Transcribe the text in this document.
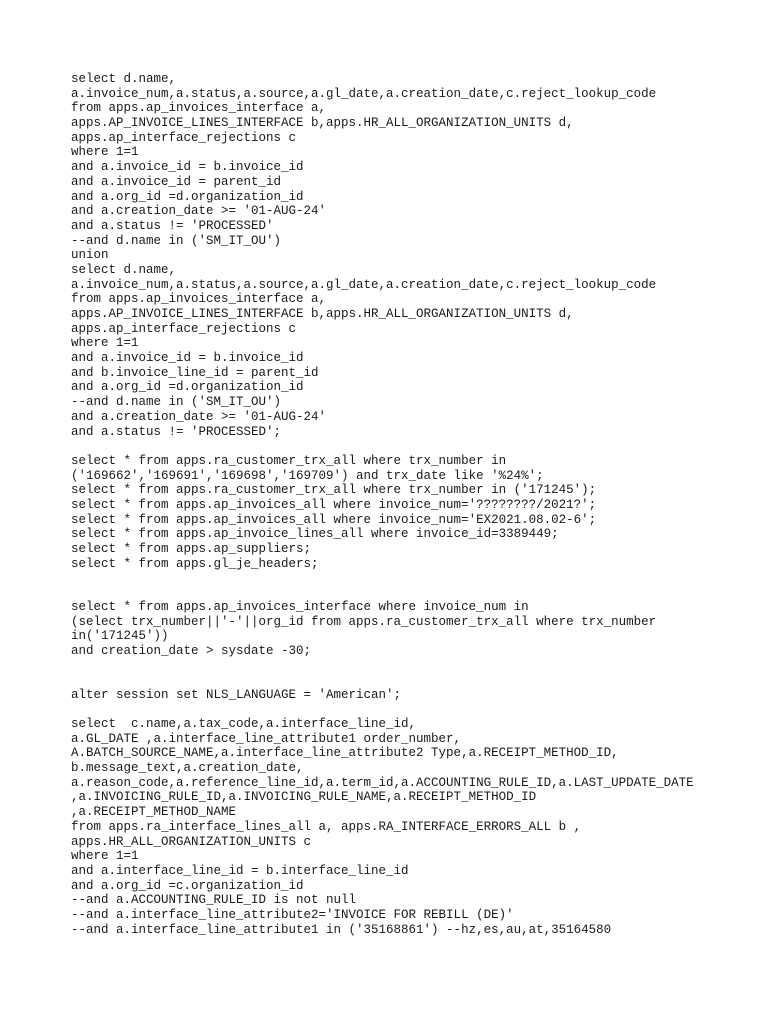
select d.name,
a.invoice_num,a.status,a.source,a.gl_date,a.creation_date,c.reject_lookup_code
from apps.ap_invoices_interface a,
apps.AP_INVOICE_LINES_INTERFACE b,apps.HR_ALL_ORGANIZATION_UNITS d,
apps.ap_interface_rejections c
where 1=1
and a.invoice_id = b.invoice_id
and a.invoice_id = parent_id
and a.org_id =d.organization_id
and a.creation_date >= '01-AUG-24'
and a.status != 'PROCESSED'
--and d.name in ('SM_IT_OU')
union
select d.name,
a.invoice_num,a.status,a.source,a.gl_date,a.creation_date,c.reject_lookup_code
from apps.ap_invoices_interface a,
apps.AP_INVOICE_LINES_INTERFACE b,apps.HR_ALL_ORGANIZATION_UNITS d,
apps.ap_interface_rejections c
where 1=1
and a.invoice_id = b.invoice_id
and b.invoice_line_id = parent_id
and a.org_id =d.organization_id
--and d.name in ('SM_IT_OU')
and a.creation_date >= '01-AUG-24'
and a.status != 'PROCESSED';
select * from apps.ra_customer_trx_all where trx_number in
('169662','169691','169698','169709') and trx_date like '%24%';
select * from apps.ra_customer_trx_all where trx_number in ('171245');
select * from apps.ap_invoices_all where invoice_num='????????/2021?';
select * from apps.ap_invoices_all where invoice_num='EX2021.08.02-6';
select * from apps.ap_invoice_lines_all where invoice_id=3389449;
select * from apps.ap_suppliers;
select * from apps.gl_je_headers;
select * from apps.ap_invoices_interface where invoice_num in
(select trx_number||'-'||org_id from apps.ra_customer_trx_all where trx_number
in('171245'))
and creation_date > sysdate -30;
alter session set NLS_LANGUAGE = 'American';
select  c.name,a.tax_code,a.interface_line_id,
a.GL_DATE ,a.interface_line_attribute1 order_number,
A.BATCH_SOURCE_NAME,a.interface_line_attribute2 Type,a.RECEIPT_METHOD_ID,
b.message_text,a.creation_date,
a.reason_code,a.reference_line_id,a.term_id,a.ACCOUNTING_RULE_ID,a.LAST_UPDATE_DATE
,a.INVOICING_RULE_ID,a.INVOICING_RULE_NAME,a.RECEIPT_METHOD_ID
,a.RECEIPT_METHOD_NAME
from apps.ra_interface_lines_all a, apps.RA_INTERFACE_ERRORS_ALL b ,
apps.HR_ALL_ORGANIZATION_UNITS c
where 1=1
and a.interface_line_id = b.interface_line_id
and a.org_id =c.organization_id
--and a.ACCOUNTING_RULE_ID is not null
--and a.interface_line_attribute2='INVOICE FOR REBILL (DE)'
--and a.interface_line_attribute1 in ('35168861') --hz,es,au,at,35164580
